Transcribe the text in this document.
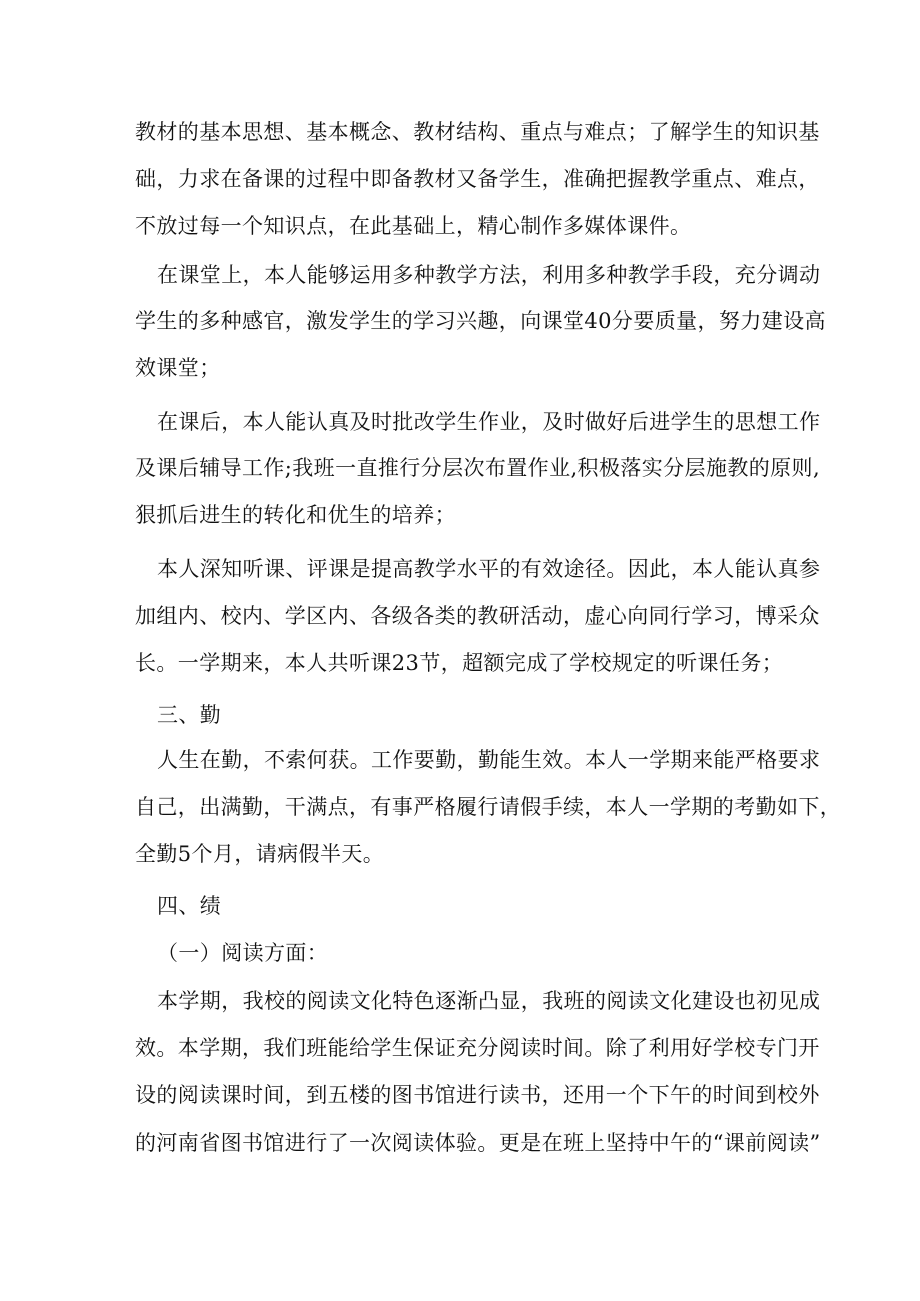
教材的基本思想、基本概念、教材结构、重点与难点；了解学生的知识基
础，力求在备课的过程中即备教材又备学生，准确把握教学重点、难点，
不放过每一个知识点，在此基础上，精心制作多媒体课件。
在课堂上，本人能够运用多种教学方法，利用多种教学手段，充分调动
学生的多种感官，激发学生的学习兴趣，向课堂40分要质量，努力建设高
效课堂；
在课后，本人能认真及时批改学生作业，及时做好后进学生的思想工作
及课后辅导工作;我班一直推行分层次布置作业,积极落实分层施教的原则,
狠抓后进生的转化和优生的培养；
本人深知听课、评课是提高教学水平的有效途径。因此，本人能认真参
加组内、校内、学区内、各级各类的教研活动，虚心向同行学习，博采众
长。一学期来，本人共听课23节，超额完成了学校规定的听课任务；
三、勤
人生在勤，不索何获。工作要勤，勤能生效。本人一学期来能严格要求
自己，出满勤，干满点，有事严格履行请假手续，本人一学期的考勤如下，
全勤5个月，请病假半天。
四、绩
（一）阅读方面：
本学期，我校的阅读文化特色逐渐凸显，我班的阅读文化建设也初见成
效。本学期，我们班能给学生保证充分阅读时间。除了利用好学校专门开
设的阅读课时间，到五楼的图书馆进行读书，还用一个下午的时间到校外
的河南省图书馆进行了一次阅读体验。更是在班上坚持中午的“课前阅读”
